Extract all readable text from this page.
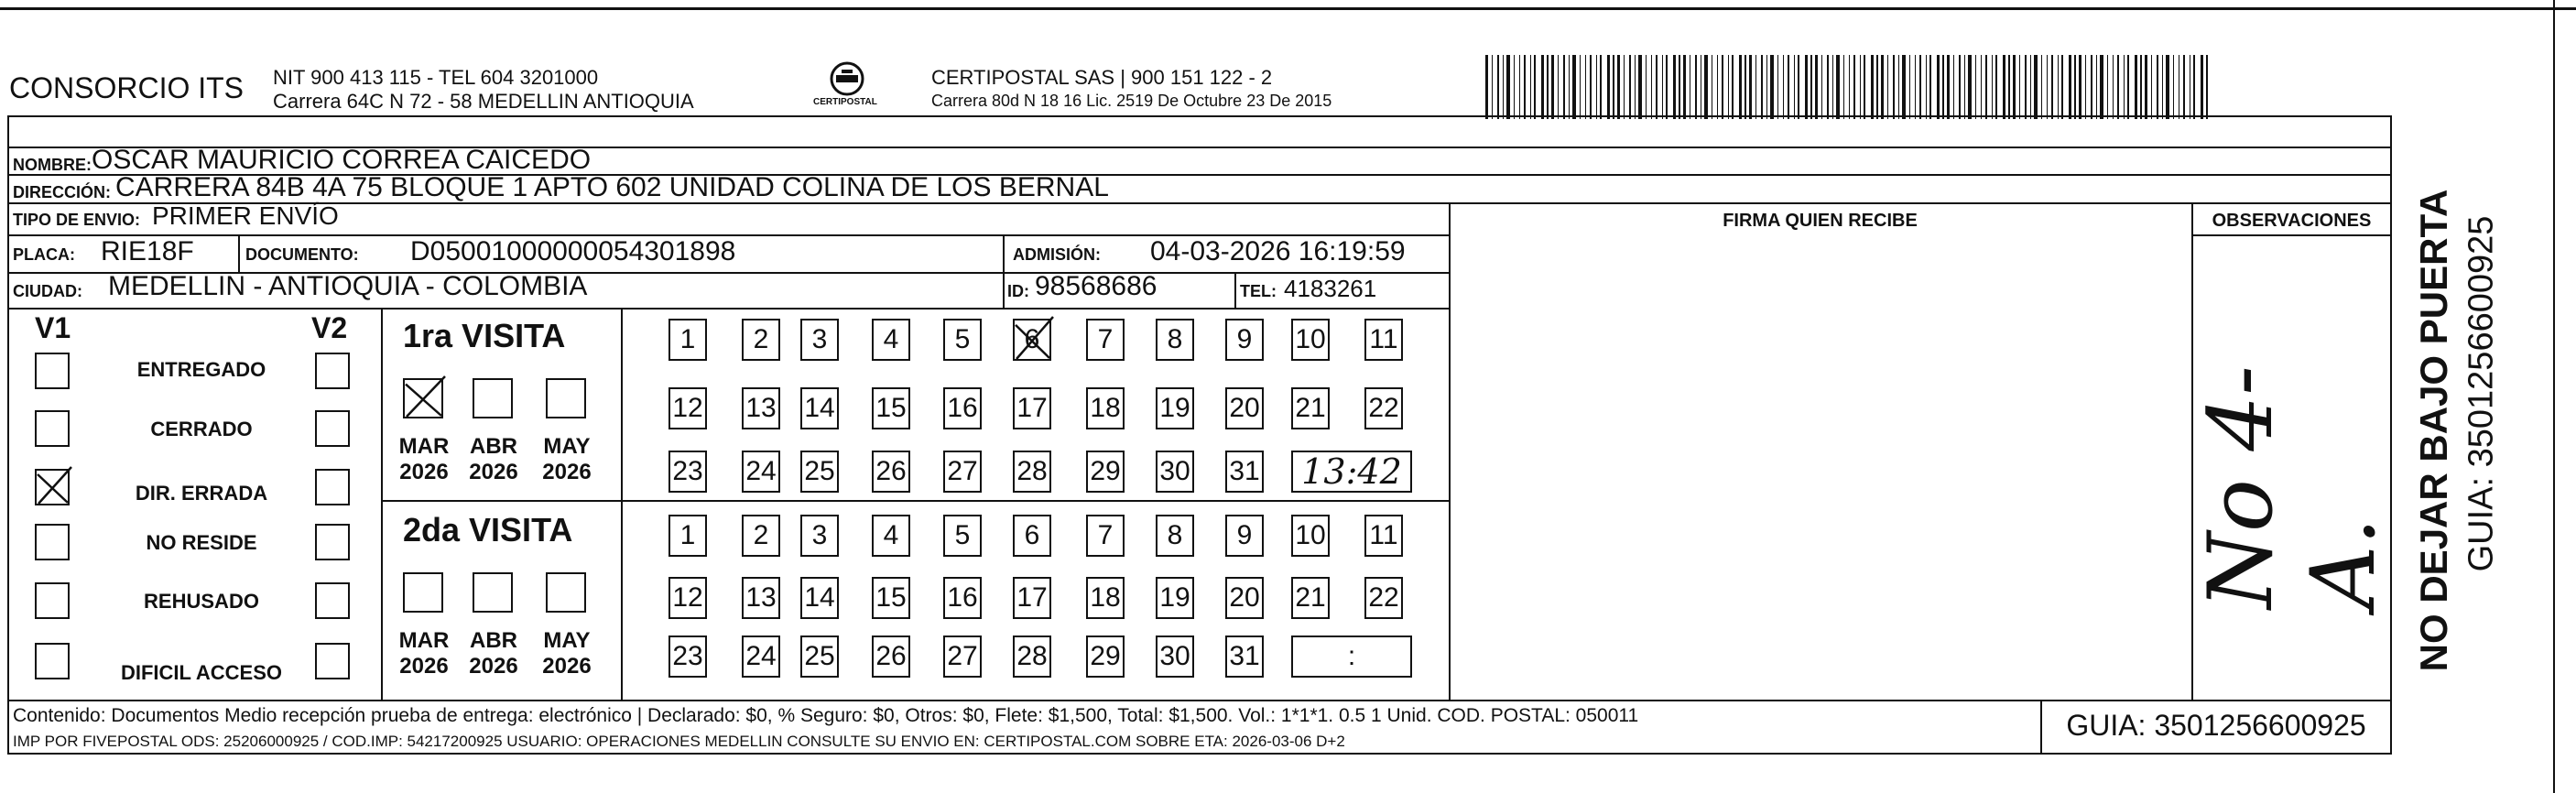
CONSORCIO ITS NIT 900 413 115 - TEL 604 3201000
Carrera 64C N 72 - 58 MEDELLIN ANTIOQUIA	CERTIPOSTAL
CERTIPOSTAL SAS | 900 151 122 - 2
Carrera 80d N 18 16 Lic. 2519 De Octubre 23 De 2015
NOMBRE: OSCAR MAURICIO CORREA CAICEDO
DIRECCIÓN: CARRERA 84B 4A 75 BLOQUE 1 APTO 602 UNIDAD COLINA DE LOS BERNAL
TIPO DE ENVIO: PRIMER ENVÍO	FIRMA QUIEN RECIBE	OBSERVACIONES
PLACA: RIE18F	DOCUMENTO: D05001000000054301898	ADMISIÓN: 04-03-2026 16:19:59
CIUDAD: MEDELLIN - ANTIOQUIA - COLOMBIA	ID: 98568686	TEL: 4183261
V1	V2
ENTREGADO
CERRADO
DIR. ERRADA
NO RESIDE
REHUSADO
DIFICIL ACCESO
1ra VISITA
2da VISITA
1 2 3 4 5 6 7 8 9 10 11
12 13 14 15 16 17 18 19 20 21 22
23 24 25 26 27 28 29 30 31 13:42
MAR
2026
ABR
2026
MAY
2026
1 2 3 4 5 6 7 8 9 10 11
12 13 14 15 16 17 18 19 20 21 22
23 24 25 26 27 28 29 30 31	:
MAR
2026
ABR
2026
MAY
2026
No 4-A. NO DEJAR BAJO PUERTA GUIA: 3501256600925
Contenido: Documentos Medio recepción prueba de entrega: electrónico | Declarado: $0, % Seguro: $0, Otros: $0, Flete: $1,500, Total: $1,500. Vol.: 1*1*1. 0.5 1 Unid. COD. POSTAL: 050011
IMP POR FIVEPOSTAL ODS: 25206000925 / COD.IMP: 54217200925 USUARIO: OPERACIONES MEDELLIN CONSULTE SU ENVIO EN: CERTIPOSTAL.COM SOBRE ETA: 2026-03-06 D+2	GUIA: 3501256600925
